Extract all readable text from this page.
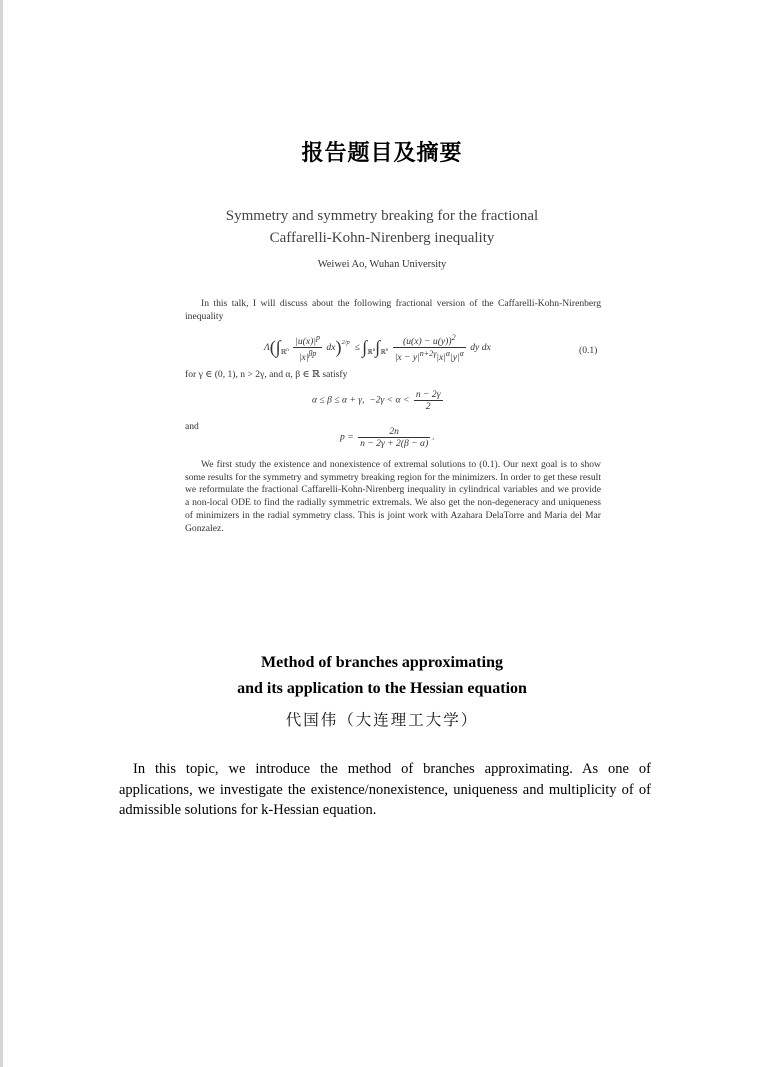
报告题目及摘要
Symmetry and symmetry breaking for the fractional
Caffarelli-Kohn-Nirenberg inequality
Weiwei Ao, Wuhan University
In this talk, I will discuss about the following fractional version of the Caffarelli-Kohn-Nirenberg inequality
$\Lambda(\int_{ℝ^n} \frac{|u(x)|^p}{|x|^{\beta p}} dx)^{2/p} \le \int_{ℝ^n}\int_{ℝ^n} \frac{(u(x) - u(y))^2}{|x - y|^{n+2\gamma}|x|^\alpha|y|^\alpha}$ dy dx	(0.1)
for γ ∈ (0, 1), n > 2γ, and α, β ∈ ℝ satisfy
α ≤ β ≤ α + γ,  $-2\gamma < \alpha < \frac{n - 2\gamma}{2}$
and
$p = \frac{2n}{n - 2\gamma + 2(\beta - \alpha)}$ .
We first study the existence and nonexistence of extremal solutions to (0.1). Our next goal is to show some results for the symmetry and symmetry breaking region for the minimizers. In order to get these result we reformulate the fractional Caffarelli-Kohn-Nirenberg inequality in cylindrical variables and we provide a non-local ODE to find the radially symmetric extremals. We also get the non-degeneracy and uniqueness of minimizers in the radial symmetry class. This is joint work with Azahara DelaTorre and Maria del Mar Gonzalez.
Method of branches approximating
and its application to the Hessian equation
代国伟（大连理工大学）
In this topic, we introduce the method of branches approximating. As one of applications, we investigate the existence/nonexistence, uniqueness and multiplicity of of admissible solutions for k-Hessian equation.
